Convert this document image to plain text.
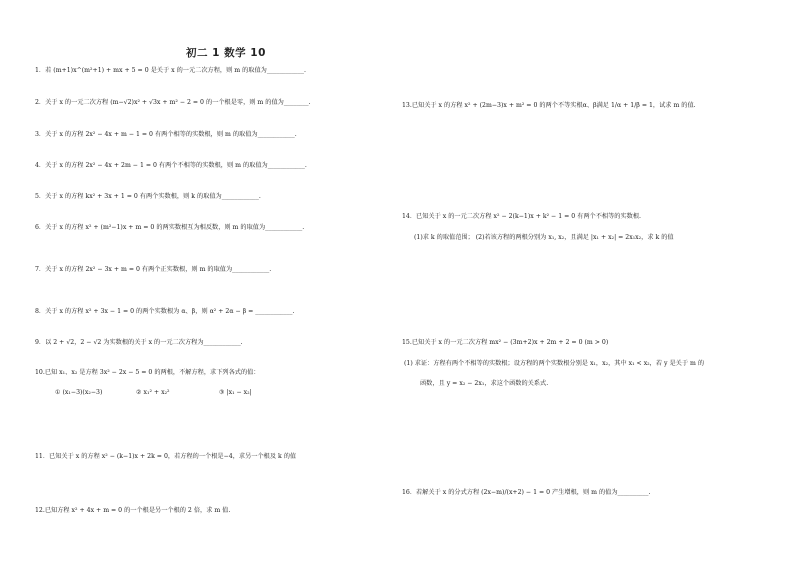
初二 1 数学 10
1．若 (m+1)x^(m²+1) + mx + 5 = 0 是关于 x 的一元二次方程，则 m 的取值为____________.
2．关于 x 的一元二次方程 (m−√2)x² + √3x + m² − 2 = 0 的一个根是零，则 m 的值为________.
3．关于 x 的方程 2x² − 4x + m − 1 = 0 有两个相等的实数根，则 m 的取值为____________.
4．关于 x 的方程 2x² − 4x + 2m − 1 = 0 有两个不相等的实数根，则 m 的取值为____________.
5．关于 x 的方程 kx² + 3x + 1 = 0 有两个实数根，则 k 的取值为____________.
6．关于 x 的方程 x² + (m²−1)x + m = 0 的两实数根互为相反数，则 m 的取值为____________.
7．关于 x 的方程 2x² − 3x + m = 0 有两个正实数根，则 m 的取值为____________.
8．关于 x 的方程 x² + 3x − 1 = 0 的两个实数根为 α、β，则 α² + 2α − β = ____________.
9．以 2 + √2，2 − √2 为实数根的关于 x 的一元二次方程为____________.
10.已知 x₁、x₂ 是方程 3x² − 2x − 5 = 0 的两根，不解方程，求下列各式的值：
① (x₁−3)(x₂−3)	② x₁² + x₂²	③ |x₁ − x₂|
11．已知关于 x 的方程 x² − (k−1)x + 2k = 0，若方程的一个根是−4，求另一个根及 k 的值
12.已知方程 x² + 4x + m = 0 的一个根是另一个根的 2 倍，求 m 值.
13.已知关于 x 的方程 x² + (2m−3)x + m² = 0 的两个不等实根α、β满足 1/α + 1/β = 1，试求 m 的值.
14．已知关于 x 的一元二次方程 x² − 2(k−1)x + k² − 1 = 0 有两个不相等的实数根.
(1)求 k 的取值范围； (2)若该方程的两根分别为 x₁, x₂，且满足 |x₁ + x₂| = 2x₁x₂，求 k 的值
15.已知关于 x 的一元二次方程 mx² − (3m+2)x + 2m + 2 = 0 (m > 0)
(1) 求证：方程有两个不相等的实数根；设方程的两个实数根分别是 x₁，x₂，其中 x₁ < x₂，若 y 是关于 m 的
函数，且 y = x₂ − 2x₁，求这个函数的关系式.
16．若解关于 x 的分式方程 (2x−m)/(x+2) − 1 = 0 产生增根，则 m 的值为__________.
